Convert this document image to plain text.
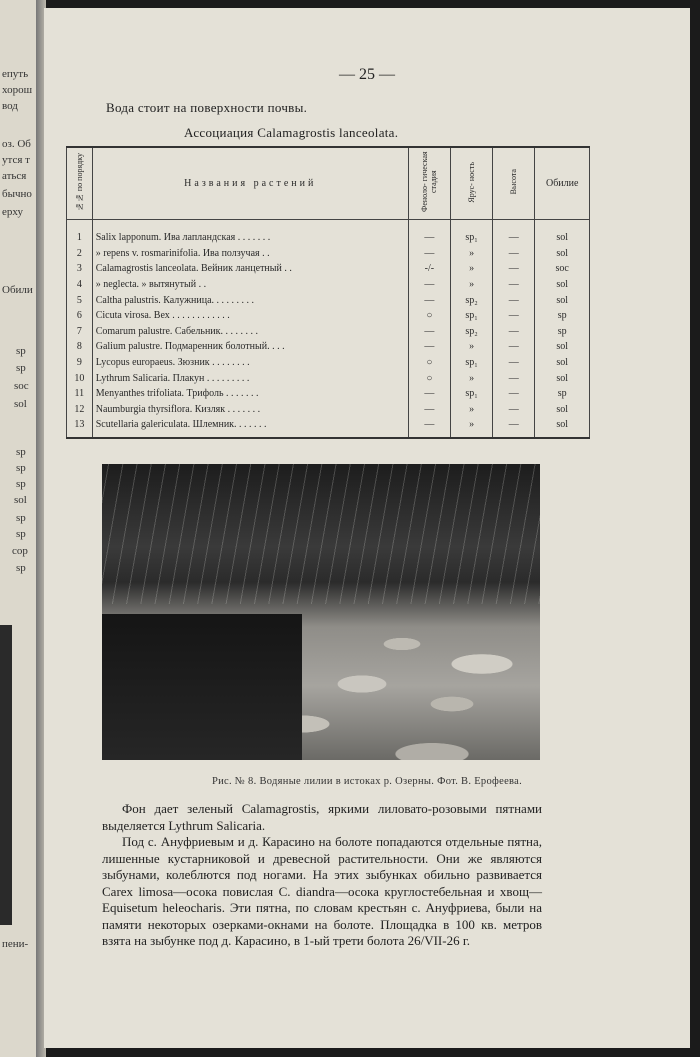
епуть
хорош
вод
оз. Об
утся т
аться
бычно
ерху
Обили
sp
sp
soc
sol
sp
sp
sp
sol
sp
sp
cop
sp
пени-
— 25 —
Вода стоит на поверхности почвы.
Ассоциация Calamagrostis lanceolata.
№№ по порядку	Названия растений	Феноло- гическая стадия	Ярус- ность	Высота	Обилие
1	Salix lapponum. Ива лапландская . . . . . . .	—	sp₁	—	sol
2	» repens v. rosmarinifolia. Ива ползучая . .	—	»	—	sol
3	Calamagrostis lanceolata. Вейник ланцетный . .	-/-	»	—	soc
4	» neglecta. » вытянутый . .	—	»	—	sol
5	Caltha palustris. Калужница. . . . . . . . .	—	sp₂	—	sol
6	Cicuta virosa. Вех . . . . . . . . . . . .	○	sp₁	—	sp
7	Comarum palustre. Сабельник. . . . . . . .	—	sp₂	—	sp
8	Galium palustre. Подмаренник болотный. . . .	—	»	—	sol
9	Lycopus europaeus. Зюзник . . . . . . . .	○	sp₁	—	sol
10	Lythrum Salicaria. Плакун . . . . . . . . .	○	»	—	sol
11	Menyanthes trifoliata. Трифоль . . . . . . .	—	sp₁	—	sp
12	Naumburgia thyrsiflora. Кизляк . . . . . . .	—	»	—	sol
13	Scutellaria galericulata. Шлемник. . . . . . .	—	»	—	sol
Рис. № 8. Водяные лилии в истоках р. Озерны. Фот. В. Ерофеева.

Фон дает зеленый Calamagrostis, яркими лиловато-розовыми пятнами выделяется Lythrum Salicaria.

Под с. Ануфриевым и д. Карасино на болоте попадаются отдельные пятна, лишенные кустарниковой и древесной растительности. Они же являются зыбунами, колеблются под ногами. На этих зыбунках обильно развивается Carex limosa—осока повислая C. diandra—осока круглостебельная и хвощ—Equisetum heleocharis. Эти пятна, по словам крестьян с. Ануфриева, были на памяти некоторых озерками-окнами на болоте. Площадка в 100 кв. метров взята на зыбунке под д. Карасино, в 1-ый трети болота 26/VII-26 г.
